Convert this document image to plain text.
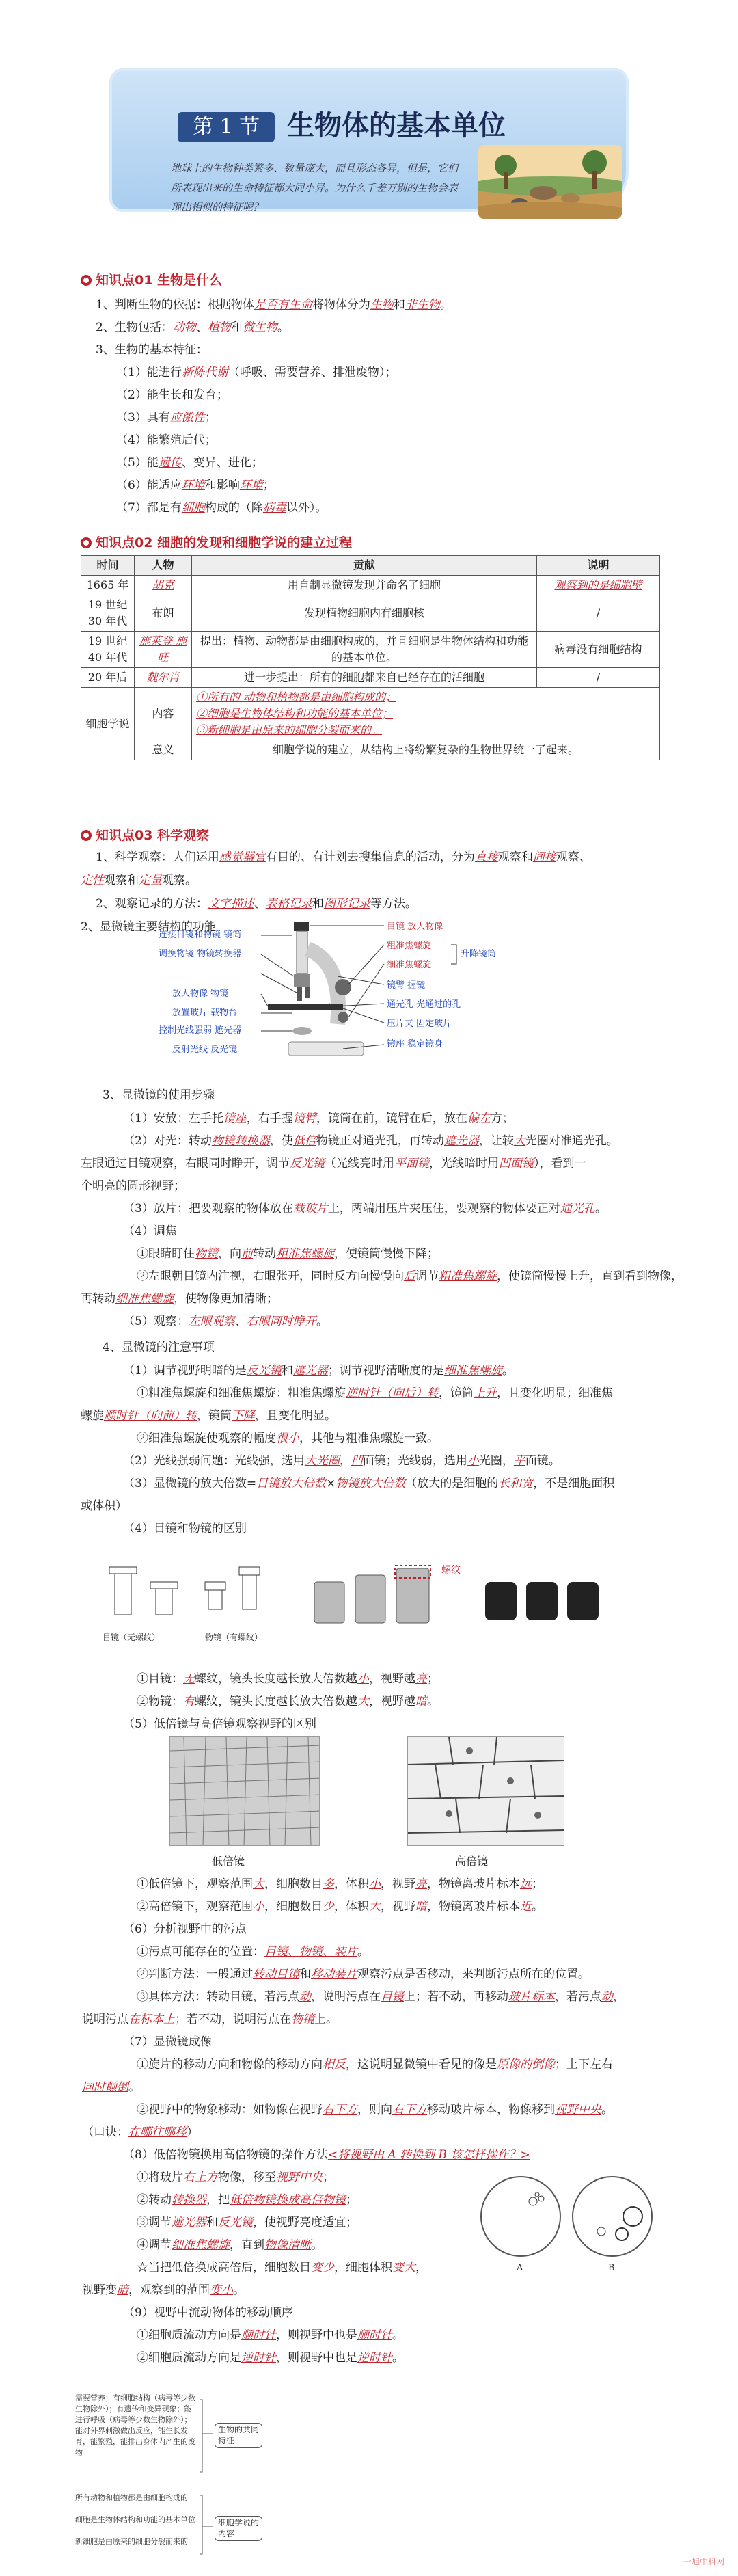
第 1 节 生物体的基本单位
地球上的生物种类繁多、数量庞大，而且形态各异，但是，它们所表现出来的生命特征都大同小异。为什么千差万别的生物会表现出相似的特征呢？
知识点01 生物是什么
知识点02 细胞的发现和细胞学说的建立过程
时间	人物	贡献	说明
1665 年	胡克	用自制显微镜发现并命名了细胞	观察到的是细胞壁
19 世纪 30 年代	布朗	发现植物细胞内有细胞核	/
19 世纪 40 年代	施莱登 施旺	提出：植物、动物都是由细胞构成的，并且细胞是生物体结构和功能的基本单位。	病毒没有细胞结构
20 年后	魏尔肖	进一步提出：所有的细胞都来自已经存在的活细胞	/
细胞学说	内容	①所有的 动物和植物都是由细胞构成的；
②细胞是生物体结构和功能的基本单位；
③新细胞是由原来的细胞分裂而来的。	

	意义	细胞学说的建立，从结构上将纷繁复杂的生物世界统一了起来。	
知识点03 科学观察
连接目镜和物镜 镜筒
调换物镜 物镜转换器
放大物像 物镜
放置玻片 载物台
控制光线强弱 遮光器
反射光线 反光镜
目镜 放大物像
粗准焦螺旋
细准焦螺旋
升降镜筒
镜臂 握镜
通光孔 光通过的孔
压片夹 固定玻片
镜座 稳定镜身
目镜（无螺纹）	物镜（有螺纹）
螺纹
低倍镜	高倍镜
A	B
需要营养；有细胞结构（病毒等少数生物除外）；有遗传和变异现象；能进行呼吸（病毒等少数生物除外）；能对外界刺激做出反应，能生长发育，能繁殖，能排出身体内产生的废物
生物的共同特征
所有动物和植物都是由细胞构成的
细胞是生物体结构和功能的基本单位
新细胞是由原来的细胞分裂而来的
细胞学说的内容
一旭中科网
1、判断生物的依据：根据物体是否有生命将物体分为生物和非生物。
2、生物包括：动物、植物和微生物。
3、生物的基本特征：
（1）能进行新陈代谢（呼吸、需要营养、排泄废物）；
（2）能生长和发育；
（3）具有应激性；
（4）能繁殖后代；
（5）能遗传、变异、进化；
（6）能适应环境和影响环境；
（7）都是有细胞构成的（除病毒以外）。
1、科学观察：人们运用感觉器官有目的、有计划去搜集信息的活动，分为直接观察和间接观察、
定性观察和定量观察。
2、观察记录的方法：文字描述、表格记录和图形记录等方法。
2、显微镜主要结构的功能
3、显微镜的使用步骤
（1）安放：左手托镜座，右手握镜臂，镜筒在前，镜臂在后，放在偏左方；
（2）对光：转动物镜转换器，使低倍物镜正对通光孔，再转动遮光器，让较大光圈对准通光孔。
左眼通过目镜观察，右眼同时睁开，调节反光镜（光线亮时用平面镜，光线暗时用凹面镜），看到一
个明亮的圆形视野；
（3）放片：把要观察的物体放在载玻片上，两端用压片夹压住，要观察的物体要正对通光孔。
（4）调焦
①眼睛盯住物镜，向前转动粗准焦螺旋，使镜筒慢慢下降；
②左眼朝目镜内注视，右眼张开，同时反方向慢慢向后调节粗准焦螺旋，使镜筒慢慢上升，直到看到物像，
再转动细准焦螺旋，使物像更加清晰；
（5）观察：左眼观察、右眼同时睁开。
4、显微镜的注意事项
（1）调节视野明暗的是反光镜和遮光器；调节视野清晰度的是细准焦螺旋。
①粗准焦螺旋和细准焦螺旋：粗准焦螺旋逆时针（向后）转，镜筒上升，且变化明显；细准焦
螺旋顺时针（向前）转，镜筒下降，且变化明显。
②细准焦螺旋使观察的幅度很小，其他与粗准焦螺旋一致。
（2）光线强弱问题：光线强，选用大光圈，凹面镜；光线弱，选用小光圈，平面镜。
（3）显微镜的放大倍数=目镜放大倍数×物镜放大倍数（放大的是细胞的长和宽，不是细胞面积
或体积）
（4）目镜和物镜的区别
①目镜：无螺纹，镜头长度越长放大倍数越小，视野越亮；
②物镜：有螺纹，镜头长度越长放大倍数越大，视野越暗。
（5）低倍镜与高倍镜观察视野的区别
①低倍镜下，观察范围大，细胞数目多，体积小，视野亮，物镜离玻片标本远；
②高倍镜下，观察范围小，细胞数目少，体积大，视野暗，物镜离玻片标本近。
（6）分析视野中的污点
①污点可能存在的位置：目镜、物镜、装片。
②判断方法：一般通过转动目镜和移动装片观察污点是否移动，来判断污点所在的位置。
③具体方法：转动目镜，若污点动，说明污点在目镜上；若不动，再移动玻片标本，若污点动，
说明污点在标本上；若不动，说明污点在物镜上。
（7）显微镜成像
①旋片的移动方向和物像的移动方向相反，这说明显微镜中看见的像是原像的倒像；上下左右
同时颠倒。
②视野中的物象移动：如物像在视野右下方，则向右下方移动玻片标本，物像移到视野中央。
（口诀：在哪往哪移）
（8）低倍物镜换用高倍物镜的操作方法<将视野由 A 转换到 B 该怎样操作？>
①将玻片右上方物像，移至视野中央；
②转动转换器，把低倍物镜换成高倍物镜；
③调节遮光器和反光镜，使视野亮度适宜；
④调节细准焦螺旋，直到物像清晰。
☆当把低倍换成高倍后，细胞数目变少，细胞体积变大，
视野变暗，观察到的范围变小。
（9）视野中流动物体的移动顺序
①细胞质流动方向是顺时针，则视野中也是顺时针。
②细胞质流动方向是逆时针，则视野中也是逆时针。
